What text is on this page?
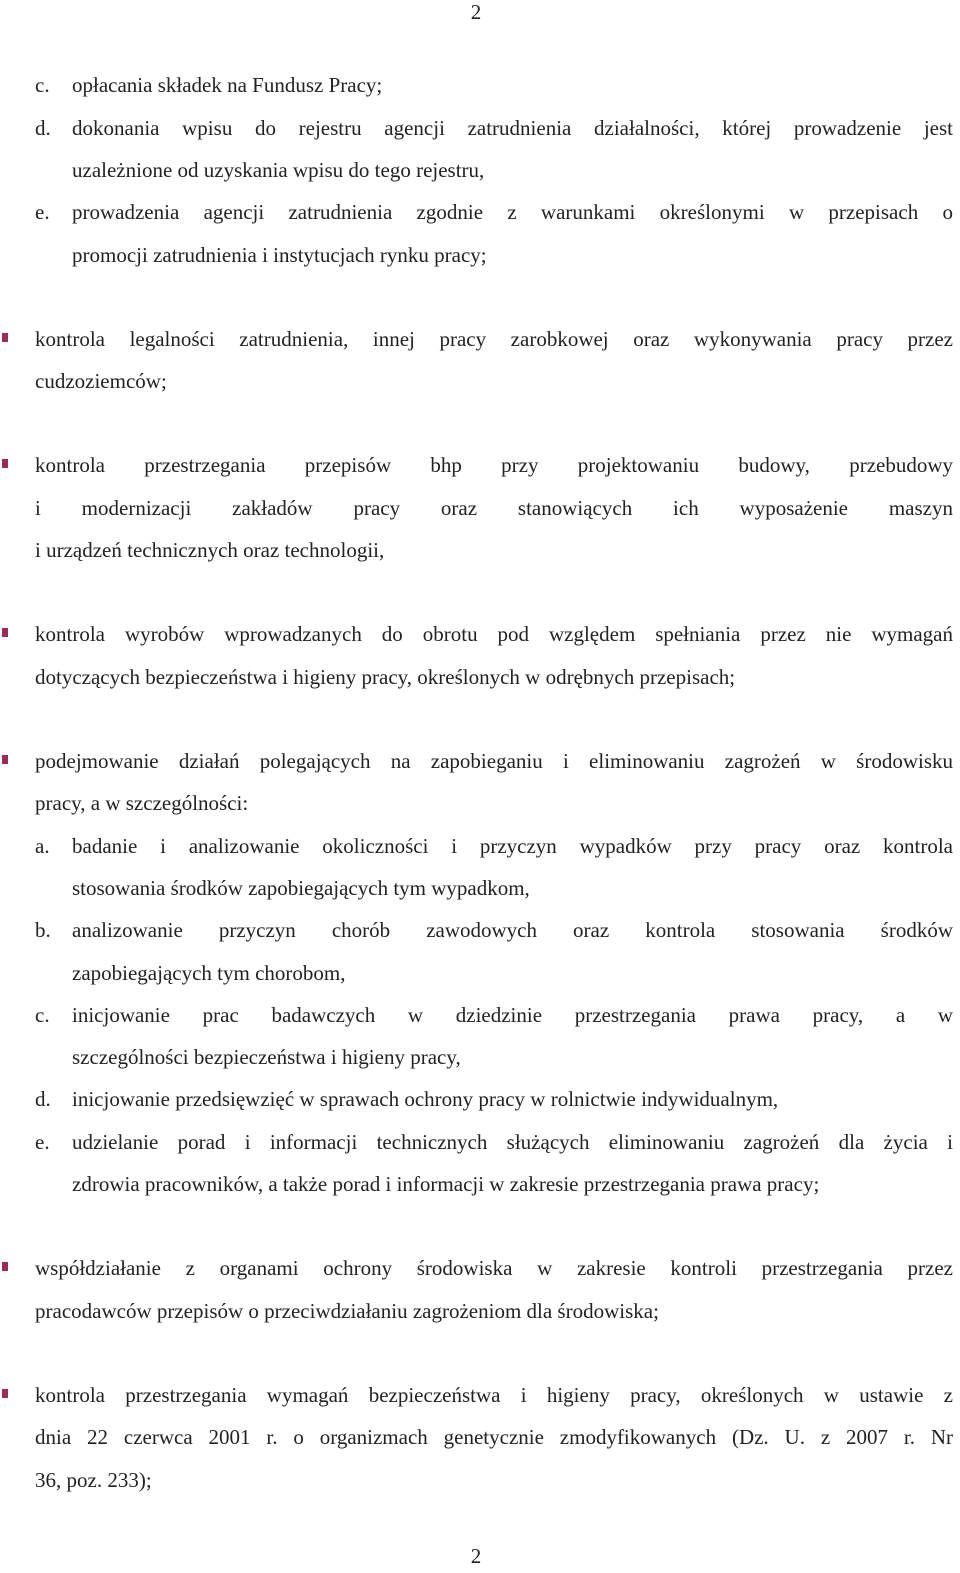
2
c. opłacania składek na Fundusz Pracy;
d. dokonania wpisu do rejestru agencji zatrudnienia działalności, której prowadzenie jest
uzależnione od uzyskania wpisu do tego rejestru,
e. prowadzenia agencji zatrudnienia zgodnie z warunkami określonymi w przepisach o
promocji zatrudnienia i instytucjach rynku pracy;
kontrola legalności zatrudnienia, innej pracy zarobkowej oraz wykonywania pracy przez
cudzoziemców;
kontrola przestrzegania przepisów bhp przy projektowaniu budowy, przebudowy
i modernizacji zakładów pracy oraz stanowiących ich wyposażenie maszyn
i urządzeń technicznych oraz technologii,
kontrola wyrobów wprowadzanych do obrotu pod względem spełniania przez nie wymagań
dotyczących bezpieczeństwa i higieny pracy, określonych w odrębnych przepisach;
podejmowanie działań polegających na zapobieganiu i eliminowaniu zagrożeń w środowisku
pracy, a w szczególności:
a. badanie i analizowanie okoliczności i przyczyn wypadków przy pracy oraz kontrola
stosowania środków zapobiegających tym wypadkom,
b. analizowanie przyczyn chorób zawodowych oraz kontrola stosowania środków
zapobiegających tym chorobom,
c. inicjowanie prac badawczych w dziedzinie przestrzegania prawa pracy, a w
szczególności bezpieczeństwa i higieny pracy,
d. inicjowanie przedsięwzięć w sprawach ochrony pracy w rolnictwie indywidualnym,
e. udzielanie porad i informacji technicznych służących eliminowaniu zagrożeń dla życia i
zdrowia pracowników, a także porad i informacji w zakresie przestrzegania prawa pracy;
współdziałanie z organami ochrony środowiska w zakresie kontroli przestrzegania przez
pracodawców przepisów o przeciwdziałaniu zagrożeniom dla środowiska;
kontrola przestrzegania wymagań bezpieczeństwa i higieny pracy, określonych w ustawie z
dnia 22 czerwca 2001 r. o organizmach genetycznie zmodyfikowanych (Dz. U. z 2007 r. Nr
36, poz. 233);
2
